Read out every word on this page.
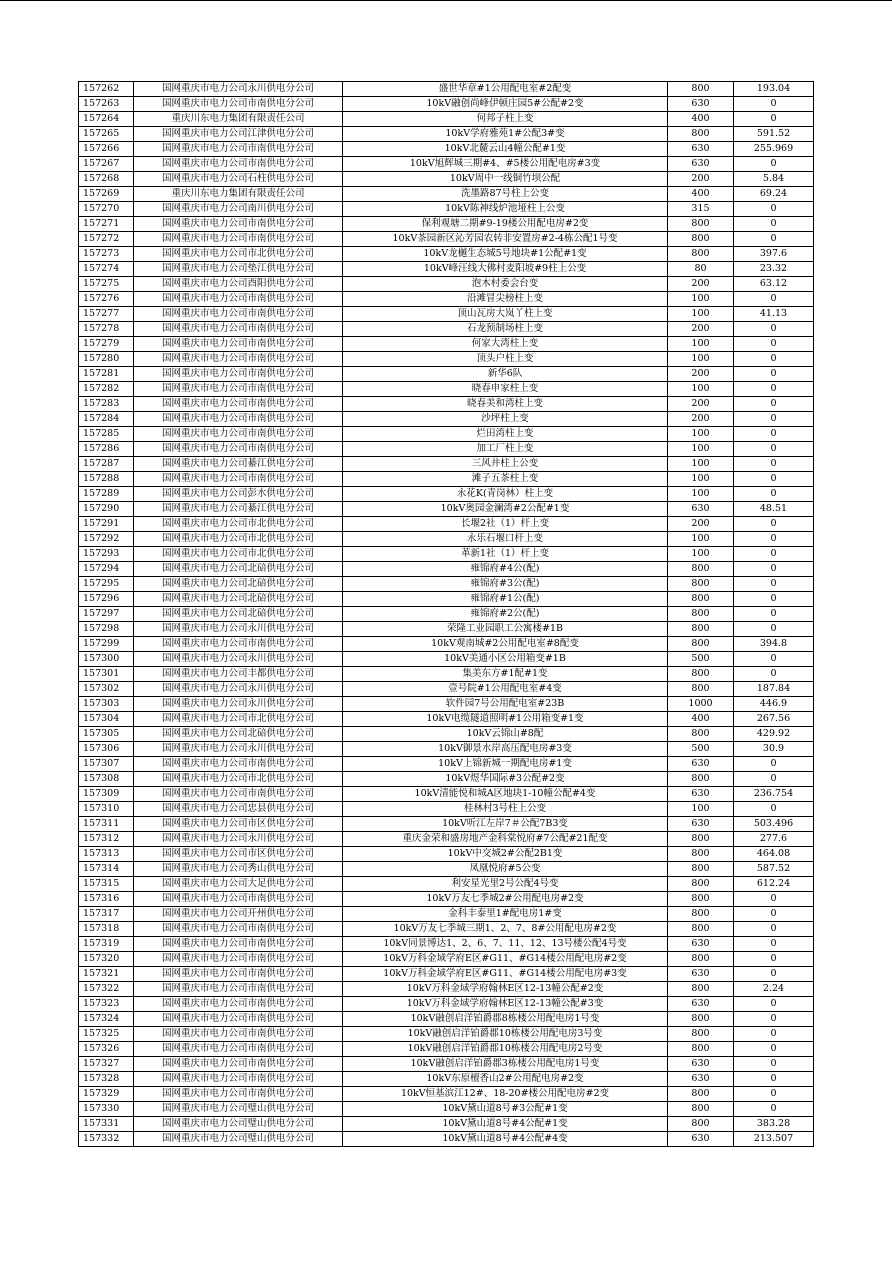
157262	国网重庆市电力公司永川供电分公司	盛世华章#1公用配电室#2配变	800	193.04
157263	国网重庆市电力公司市南供电分公司	10kV融创尚峰伊顿庄园5#公配#2变	630	0
157264	重庆川东电力集团有限责任公司	何邦子柱上变	400	0
157265	国网重庆市电力公司江津供电分公司	10kV学府雅苑1#公配3#变	800	591.52
157266	国网重庆市电力公司市南供电分公司	10kV北麓云山4幢公配#1变	630	255.969
157267	国网重庆市电力公司市南供电分公司	10kV旭辉城三期#4、#5楼公用配电房#3变	630	0
157268	国网重庆市电力公司石柱供电分公司	10kV周中一线铜竹坝公配	200	5.84
157269	重庆川东电力集团有限责任公司	洗墨路87号柱上公变	400	69.24
157270	国网重庆市电力公司南川供电分公司	10kV陈神线炉池垭柱上公变	315	0
157271	国网重庆市电力公司市南供电分公司	保利观塘二期#9-19楼公用配电房#2变	800	0
157272	国网重庆市电力公司市南供电分公司	10kV茶园新区沁芳园农转非安置房#2-4栋公配1号变	800	0
157273	国网重庆市电力公司市北供电分公司	10kV龙樾生态城5号地块#1公配#1变	800	397.6
157274	国网重庆市电力公司垫江供电分公司	10kV峰汪线大佛村麦阳坡#9柱上公变	80	23.32
157275	国网重庆市电力公司酉阳供电分公司	泡木村委会台变	200	63.12
157276	国网重庆市电力公司市南供电分公司	沿滩冒尖榜柱上变	100	0
157277	国网重庆市电力公司市南供电分公司	顶山瓦房大岚丫柱上变	100	41.13
157278	国网重庆市电力公司市南供电分公司	石龙预制场柱上变	200	0
157279	国网重庆市电力公司市南供电分公司	何家大湾柱上变	100	0
157280	国网重庆市电力公司市南供电分公司	顶头户柱上变	100	0
157281	国网重庆市电力公司市南供电分公司	新华6队	200	0
157282	国网重庆市电力公司市南供电分公司	晓春申家柱上变	100	0
157283	国网重庆市电力公司市南供电分公司	晓春美和湾柱上变	200	0
157284	国网重庆市电力公司市南供电分公司	沙坪柱上变	200	0
157285	国网重庆市电力公司市南供电分公司	烂田湾柱上变	100	0
157286	国网重庆市电力公司市南供电分公司	加工厂柱上变	100	0
157287	国网重庆市电力公司綦江供电分公司	三风井柱上公变	100	0
157288	国网重庆市电力公司市南供电分公司	滩子五茶柱上变	100	0
157289	国网重庆市电力公司彭水供电分公司	永花K(青岗林）柱上变	100	0
157290	国网重庆市电力公司綦江供电分公司	10kV奥园金澜湾#2公配#1变	630	48.51
157291	国网重庆市电力公司市北供电分公司	长堰2社（1）杆上变	200	0
157292	国网重庆市电力公司市北供电分公司	永乐石堰口杆上变	100	0
157293	国网重庆市电力公司市北供电分公司	革新1社（1）杆上变	100	0
157294	国网重庆市电力公司北碚供电分公司	雍锦府#4公(配)	800	0
157295	国网重庆市电力公司北碚供电分公司	雍锦府#3公(配)	800	0
157296	国网重庆市电力公司北碚供电分公司	雍锦府#1公(配)	800	0
157297	国网重庆市电力公司北碚供电分公司	雍锦府#2公(配)	800	0
157298	国网重庆市电力公司永川供电分公司	荣隆工业园职工公寓楼#1B	800	0
157299	国网重庆市电力公司市南供电分公司	10kV观南城#2公用配电室#8配变	800	394.8
157300	国网重庆市电力公司永川供电分公司	10kV美通小区公用箱变#1B	500	0
157301	国网重庆市电力公司丰都供电分公司	集美东方#1配#1变	800	0
157302	国网重庆市电力公司永川供电分公司	壹号院#1公用配电室#4变	800	187.84
157303	国网重庆市电力公司永川供电分公司	软件园7号公用配电室#23B	1000	446.9
157304	国网重庆市电力公司市北供电分公司	10kV电缆隧道照明#1公用箱变#1变	400	267.56
157305	国网重庆市电力公司北碚供电分公司	10kV云锦山#8配	800	429.92
157306	国网重庆市电力公司永川供电分公司	10kV御景水岸高压配电房#3变	500	30.9
157307	国网重庆市电力公司市南供电分公司	10kV上锦新城一期配电房#1变	630	0
157308	国网重庆市电力公司市北供电分公司	10kV煜华国际#3公配#2变	800	0
157309	国网重庆市电力公司市南供电分公司	10kV清能悦和城A区地块1-10幢公配#4变	630	236.754
157310	国网重庆市电力公司忠县供电分公司	桂林村3号柱上公变	100	0
157311	国网重庆市电力公司市区供电分公司	10kV听江左岸7＃公配7B3变	630	503.496
157312	国网重庆市电力公司永川供电分公司	重庆金荣和盛房地产金科棠悦府#7公配#21配变	800	277.6
157313	国网重庆市电力公司市区供电分公司	10kV中交城2#公配2B1变	800	464.08
157314	国网重庆市电力公司秀山供电分公司	凤凰悦府#5公变	800	587.52
157315	国网重庆市电力公司大足供电分公司	利安星光里2号公配4号变	800	612.24
157316	国网重庆市电力公司市南供电分公司	10kV万友七季城2#公用配电房#2变	800	0
157317	国网重庆市电力公司开州供电分公司	金科丰泰里1#配电房1#变	800	0
157318	国网重庆市电力公司市南供电分公司	10kV万友七季城三期1、2、7、8#公用配电房#2变	800	0
157319	国网重庆市电力公司市南供电分公司	10kV同景博达1、2、6、7、11、12、13号楼公配4号变	630	0
157320	国网重庆市电力公司市南供电分公司	10kV万科金域学府E区#G11、#G14楼公用配电房#2变	800	0
157321	国网重庆市电力公司市南供电分公司	10kV万科金域学府E区#G11、#G14楼公用配电房#3变	630	0
157322	国网重庆市电力公司市南供电分公司	10kV万科金域学府翰林E区12-13幢公配#2变	800	2.24
157323	国网重庆市电力公司市南供电分公司	10kV万科金域学府翰林E区12-13幢公配#3变	630	0
157324	国网重庆市电力公司市南供电分公司	10kV融创启洋铂爵郡8栋楼公用配电房1号变	800	0
157325	国网重庆市电力公司市南供电分公司	10kV融创启洋铂爵郡10栋楼公用配电房3号变	800	0
157326	国网重庆市电力公司市南供电分公司	10kV融创启洋铂爵郡10栋楼公用配电房2号变	800	0
157327	国网重庆市电力公司市南供电分公司	10kV融创启洋铂爵郡3栋楼公用配电房1号变	630	0
157328	国网重庆市电力公司市南供电分公司	10kV东原檀香山2#公用配电房#2变	630	0
157329	国网重庆市电力公司市南供电分公司	10kV恒基滨江12#、18-20#楼公用配电房#2变	800	0
157330	国网重庆市电力公司璧山供电分公司	10kV黛山道8号#3公配#1变	800	0
157331	国网重庆市电力公司璧山供电分公司	10kV黛山道8号#4公配#1变	800	383.28
157332	国网重庆市电力公司璧山供电分公司	10kV黛山道8号#4公配#4变	630	213.507
